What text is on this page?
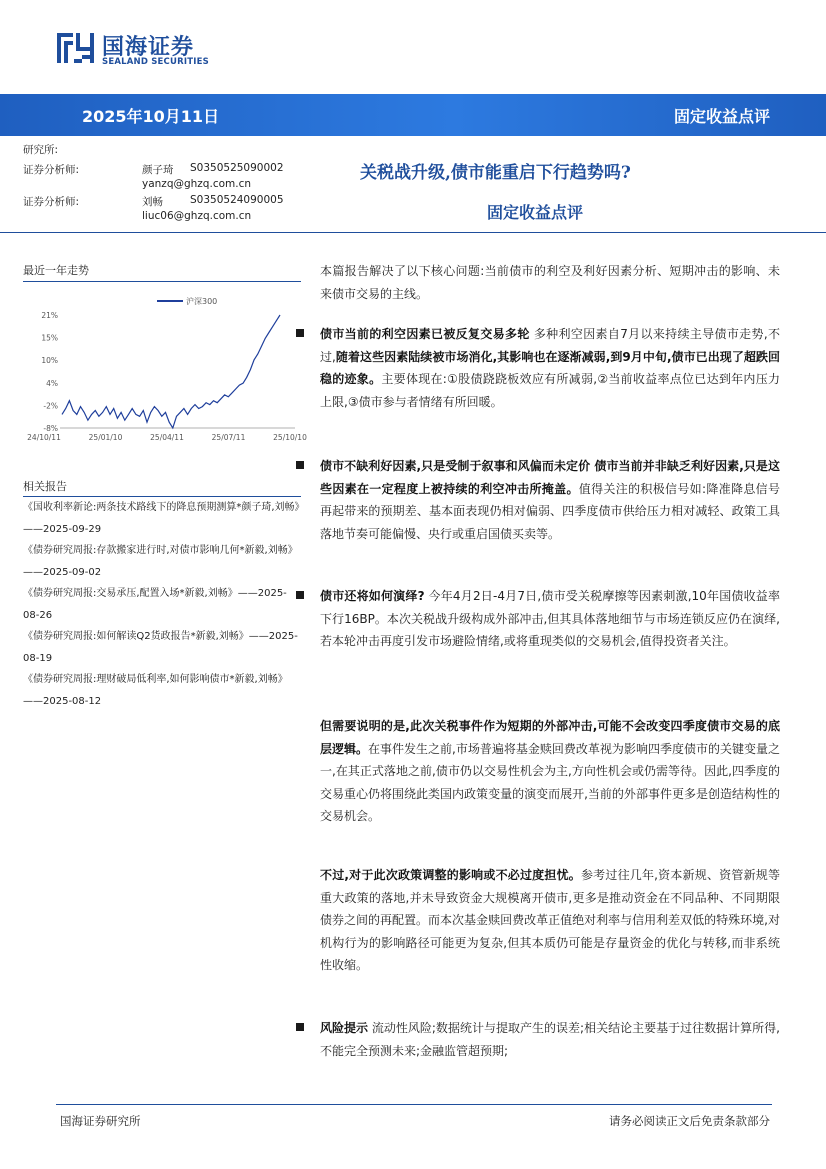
国海证券
SEALAND SECURITIES
2025年10月11日	固定收益点评
研究所:
证券分析师:	颜子琦 S0350525090002
yanzq@ghzq.com.cn
证券分析师:	刘畅	S0350524090005
liuc06@ghzq.com.cn
关税战升级,债市能重启下行趋势吗?
固定收益点评
最近一年走势
沪深300
21%
15%
10%
4%
-2%
-8%
24/10/11	25/01/10	25/04/11	25/07/11	25/10/10
相关报告
《国收利率新论:两条技术路线下的降息预期测算*颜子琦,刘畅》——2025-09-29
《债券研究周报:存款搬家进行时,对债市影响几何*新毅,刘畅》——2025-09-02
《债券研究周报:交易承压,配置入场*新毅,刘畅》——2025-08-26
《债券研究周报:如何解读Q2货政报告*新毅,刘畅》——2025-08-19
《债券研究周报:理财破局低利率,如何影响债市*新毅,刘畅》——2025-08-12
本篇报告解决了以下核心问题:当前债市的利空及利好因素分析、短期冲击的影响、未来债市交易的主线。
债市当前的利空因素已被反复交易多轮 多种利空因素自7月以来持续主导债市走势,不过,随着这些因素陆续被市场消化,其影响也在逐渐减弱,到9月中旬,债市已出现了超跌回稳的迹象。主要体现在:①股债跷跷板效应有所减弱,②当前收益率点位已达到年内压力上限,③债市参与者情绪有所回暖。
债市不缺利好因素,只是受制于叙事和风偏而未定价 债市当前并非缺乏利好因素,只是这些因素在一定程度上被持续的利空冲击所掩盖。值得关注的积极信号如:降准降息信号再起带来的预期差、基本面表现仍相对偏弱、四季度债市供给压力相对减轻、政策工具落地节奏可能偏慢、央行或重启国债买卖等。
债市还将如何演绎? 今年4月2日-4月7日,债市受关税摩擦等因素刺激,10年国债收益率下行16BP。本次关税战升级构成外部冲击,但其具体落地细节与市场连锁反应仍在演绎,若本轮冲击再度引发市场避险情绪,或将重现类似的交易机会,值得投资者关注。
但需要说明的是,此次关税事件作为短期的外部冲击,可能不会改变四季度债市交易的底层逻辑。在事件发生之前,市场普遍将基金赎回费改革视为影响四季度债市的关键变量之一,在其正式落地之前,债市仍以交易性机会为主,方向性机会或仍需等待。因此,四季度的交易重心仍将围绕此类国内政策变量的演变而展开,当前的外部事件更多是创造结构性的交易机会。
不过,对于此次政策调整的影响或不必过度担忧。参考过往几年,资本新规、资管新规等重大政策的落地,并未导致资金大规模离开债市,更多是推动资金在不同品种、不同期限债券之间的再配置。而本次基金赎回费改革正值绝对利率与信用利差双低的特殊环境,对机构行为的影响路径可能更为复杂,但其本质仍可能是存量资金的优化与转移,而非系统性收缩。
风险提示 流动性风险;数据统计与提取产生的误差;相关结论主要基于过往数据计算所得,不能完全预测未来;金融监管超预期;
国海证券研究所	请务必阅读正文后免责条款部分
